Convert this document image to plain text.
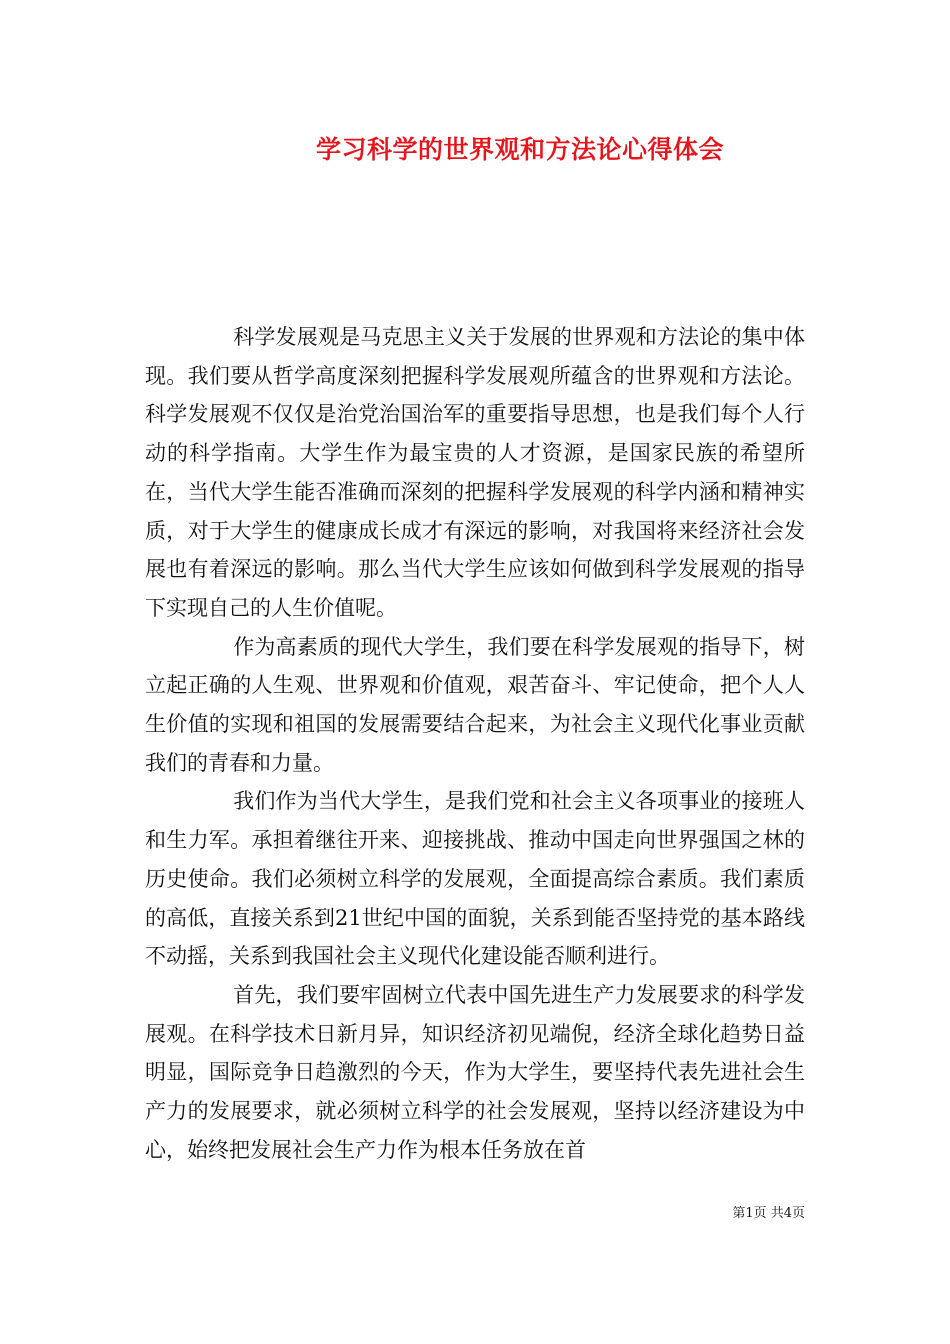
学习科学的世界观和方法论心得体会

科学发展观是马克思主义关于发展的世界观和方法论的集中体现。我们要从哲学高度深刻把握科学发展观所蕴含的世界观和方法论。科学发展观不仅仅是治党治国治军的重要指导思想，也是我们每个人行动的科学指南。大学生作为最宝贵的人才资源，是国家民族的希望所在，当代大学生能否准确而深刻的把握科学发展观的科学内涵和精神实质，对于大学生的健康成长成才有深远的影响，对我国将来经济社会发展也有着深远的影响。那么当代大学生应该如何做到科学发展观的指导下实现自己的人生价值呢。

作为高素质的现代大学生，我们要在科学发展观的指导下，树立起正确的人生观、世界观和价值观，艰苦奋斗、牢记使命，把个人人生价值的实现和祖国的发展需要结合起来，为社会主义现代化事业贡献我们的青春和力量。

我们作为当代大学生，是我们党和社会主义各项事业的接班人和生力军。承担着继往开来、迎接挑战、推动中国走向世界强国之林的历史使命。我们必须树立科学的发展观，全面提高综合素质。我们素质的高低，直接关系到21世纪中国的面貌，关系到能否坚持党的基本路线不动摇，关系到我国社会主义现代化建设能否顺利进行。

首先，我们要牢固树立代表中国先进生产力发展要求的科学发展观。在科学技术日新月异，知识经济初见端倪，经济全球化趋势日益明显，国际竞争日趋激烈的今天，作为大学生，要坚持代表先进社会生产力的发展要求，就必须树立科学的社会发展观，坚持以经济建设为中心，始终把发展社会生产力作为根本任务放在首

第1页 共4页
